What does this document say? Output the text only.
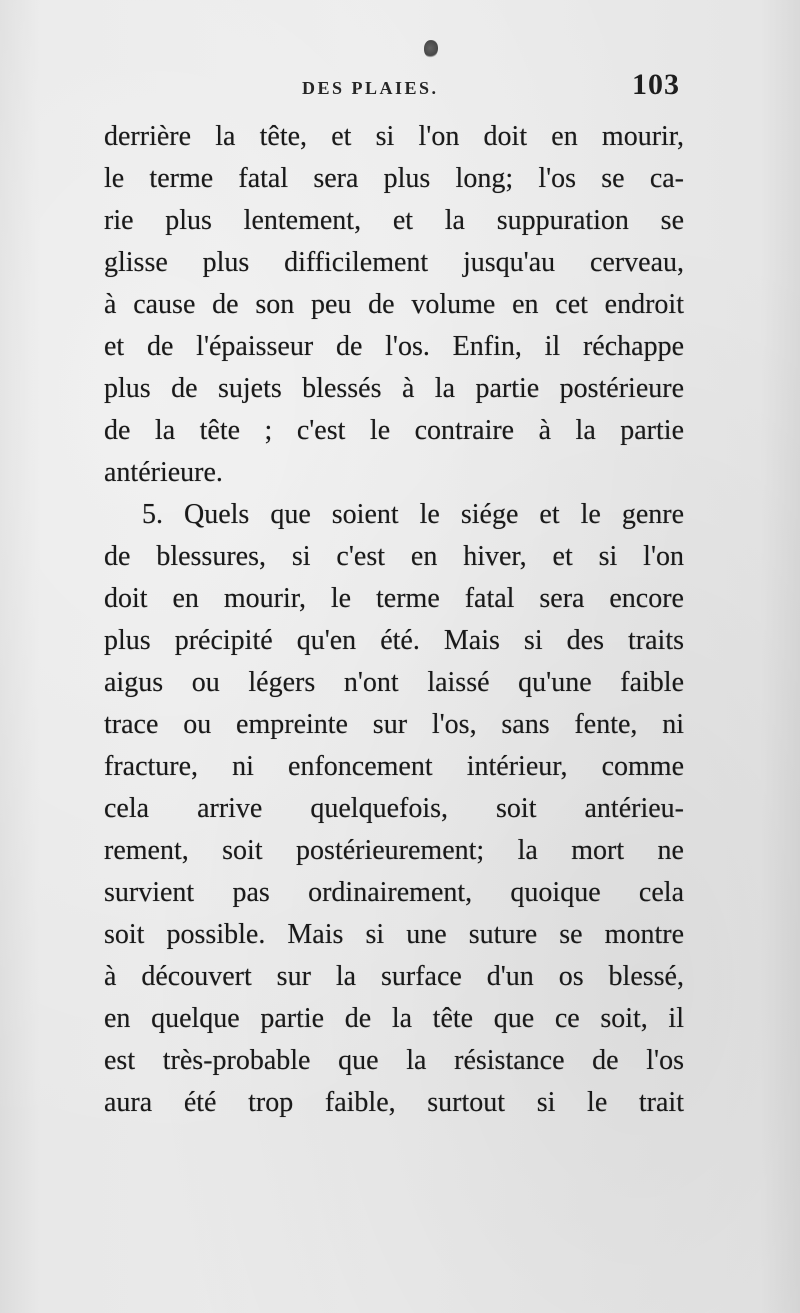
DES PLAIES.	103
derrière la tête, et si l'on doit en mourir,
le terme fatal sera plus long; l'os se ca-
rie plus lentement, et la suppuration se
glisse plus difficilement jusqu'au cerveau,
à cause de son peu de volume en cet endroit
et de l'épaisseur de l'os. Enfin, il réchappe
plus de sujets blessés à la partie postérieure
de la tête ; c'est le contraire à la partie
antérieure.
5. Quels que soient le siége et le genre
de blessures, si c'est en hiver, et si l'on
doit en mourir, le terme fatal sera encore
plus précipité qu'en été. Mais si des traits
aigus ou légers n'ont laissé qu'une faible
trace ou empreinte sur l'os, sans fente, ni
fracture, ni enfoncement intérieur, comme
cela arrive quelquefois, soit antérieu-
rement, soit postérieurement; la mort ne
survient pas ordinairement, quoique cela
soit possible. Mais si une suture se montre
à découvert sur la surface d'un os blessé,
en quelque partie de la tête que ce soit, il
est très-probable que la résistance de l'os
aura été trop faible, surtout si le trait
